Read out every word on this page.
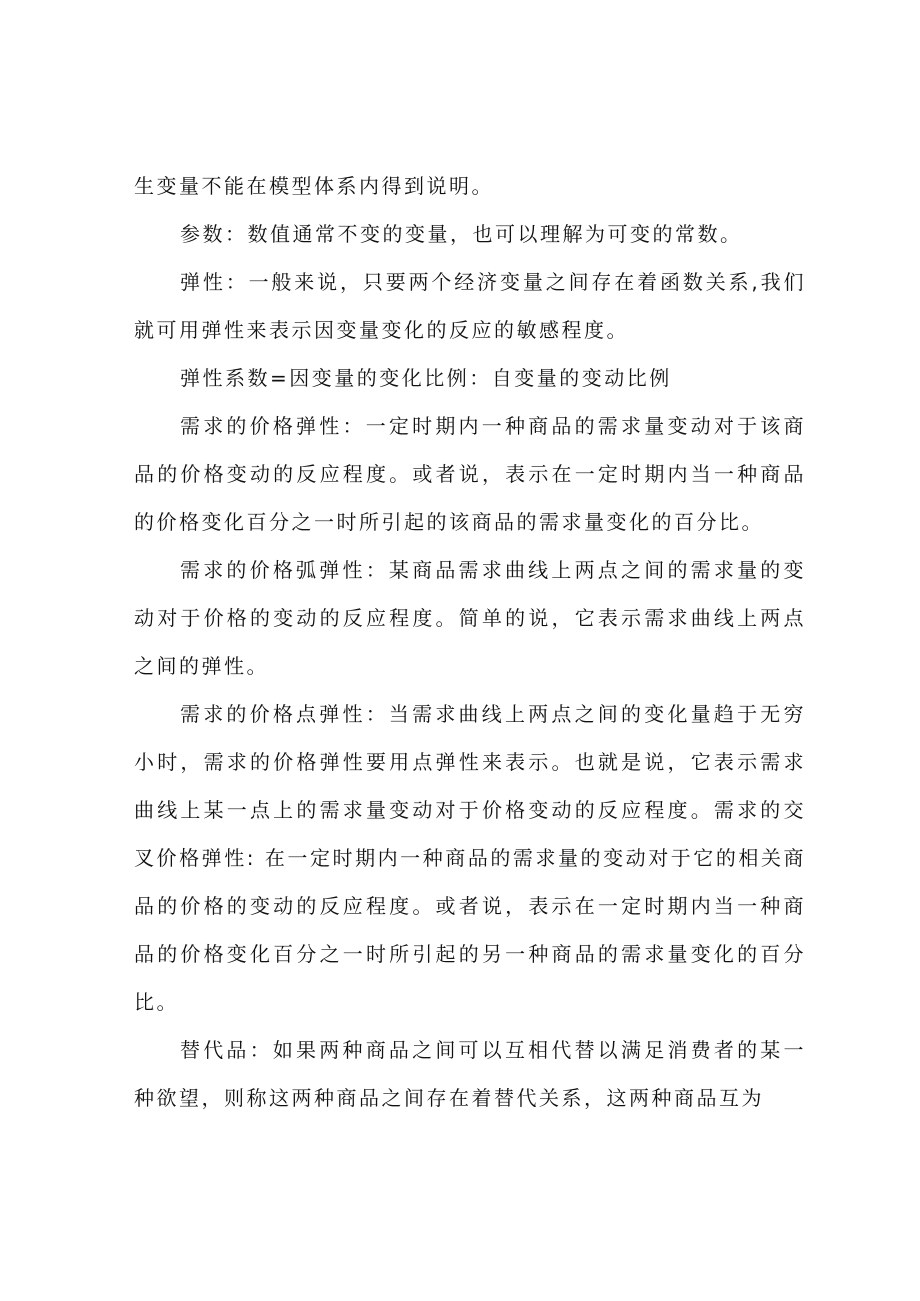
生变量不能在模型体系内得到说明。

参数：数值通常不变的变量，也可以理解为可变的常数。

弹性：一般来说，只要两个经济变量之间存在着函数关系,我们就可用弹性来表示因变量变化的反应的敏感程度。

弹性系数=因变量的变化比例：自变量的变动比例

需求的价格弹性：一定时期内一种商品的需求量变动对于该商品的价格变动的反应程度。或者说，表示在一定时期内当一种商品的价格变化百分之一时所引起的该商品的需求量变化的百分比。

需求的价格弧弹性：某商品需求曲线上两点之间的需求量的变动对于价格的变动的反应程度。简单的说，它表示需求曲线上两点之间的弹性。

需求的价格点弹性：当需求曲线上两点之间的变化量趋于无穷小时，需求的价格弹性要用点弹性来表示。也就是说，它表示需求曲线上某一点上的需求量变动对于价格变动的反应程度。需求的交叉价格弹性: 在一定时期内一种商品的需求量的变动对于它的相关商品的价格的变动的反应程度。或者说，表示在一定时期内当一种商品的价格变化百分之一时所引起的另一种商品的需求量变化的百分比。

替代品：如果两种商品之间可以互相代替以满足消费者的某一种欲望，则称这两种商品之间存在着替代关系，这两种商品互为
